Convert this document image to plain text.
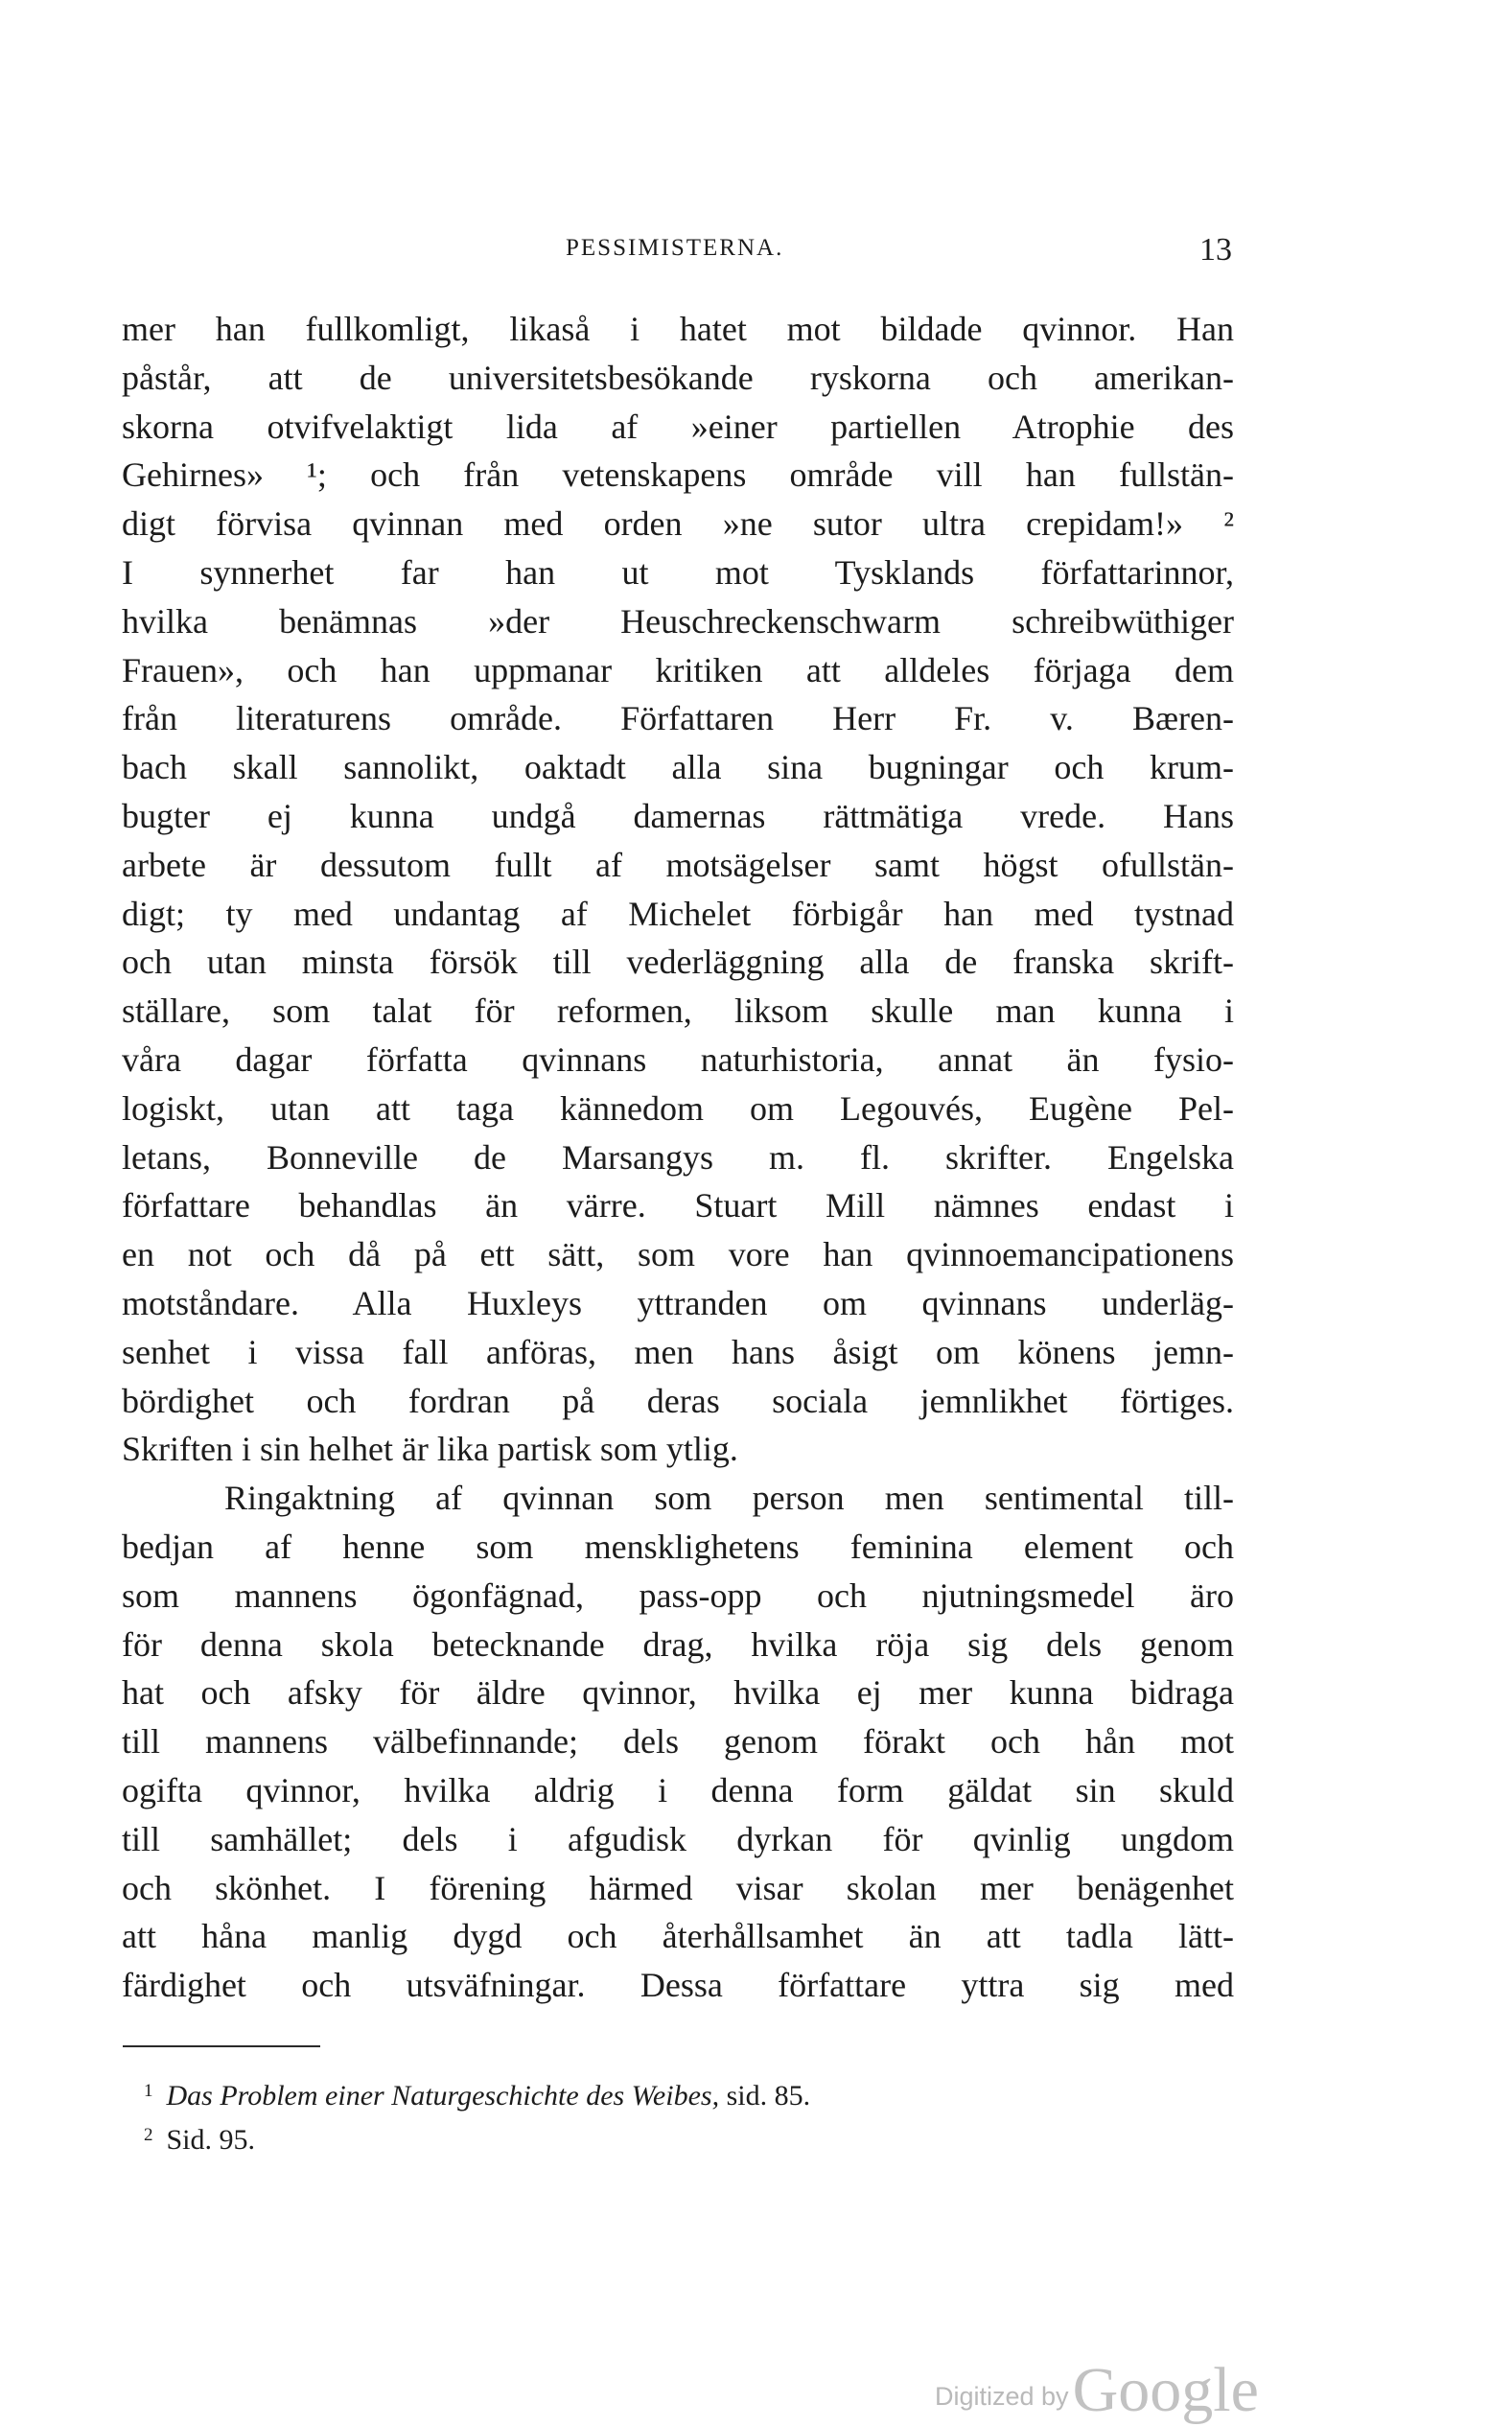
PESSIMISTERNA.	13
mer han fullkomligt, likaså i hatet mot bildade qvinnor. Han
påstår, att de universitetsbesökande ryskorna och amerikan-
skorna otvifvelaktigt lida af »einer partiellen Atrophie des
Gehirnes» ¹; och från vetenskapens område vill han fullstän-
digt förvisa qvinnan med orden »ne sutor ultra crepidam!» ²
I synnerhet far han ut mot Tysklands författarinnor,
hvilka benämnas »der Heuschreckenschwarm schreibwüthiger
Frauen», och han uppmanar kritiken att alldeles förjaga dem
från literaturens område. Författaren Herr Fr. v. Bæren-
bach skall sannolikt, oaktadt alla sina bugningar och krum-
bugter ej kunna undgå damernas rättmätiga vrede. Hans
arbete är dessutom fullt af motsägelser samt högst ofullstän-
digt; ty med undantag af Michelet förbigår han med tystnad
och utan minsta försök till vederläggning alla de franska skrift-
ställare, som talat för reformen, liksom skulle man kunna i
våra dagar författa qvinnans naturhistoria, annat än fysio-
logiskt, utan att taga kännedom om Legouvés, Eugène Pel-
letans, Bonneville de Marsangys m. fl. skrifter. Engelska
författare behandlas än värre. Stuart Mill nämnes endast i
en not och då på ett sätt, som vore han qvinnoemancipationens
motståndare. Alla Huxleys yttranden om qvinnans underläg-
senhet i vissa fall anföras, men hans åsigt om könens jemn-
bördighet och fordran på deras sociala jemnlikhet förtiges.
Skriften i sin helhet är lika partisk som ytlig.
Ringaktning af qvinnan som person men sentimental till-
bedjan af henne som mensklighetens feminina element och
som mannens ögonfägnad, pass-opp och njutningsmedel äro
för denna skola betecknande drag, hvilka röja sig dels genom
hat och afsky för äldre qvinnor, hvilka ej mer kunna bidraga
till mannens välbefinnande; dels genom förakt och hån mot
ogifta qvinnor, hvilka aldrig i denna form gäldat sin skuld
till samhället; dels i afgudisk dyrkan för qvinlig ungdom
och skönhet. I förening härmed visar skolan mer benägenhet
att håna manlig dygd och återhållsamhet än att tadla lätt-
färdighet och utsväfningar. Dessa författare yttra sig med
$^1$ Das Problem einer Naturgeschichte des Weibes, sid. 85.
$^2$ Sid. 95.
Digitized byGoogle
